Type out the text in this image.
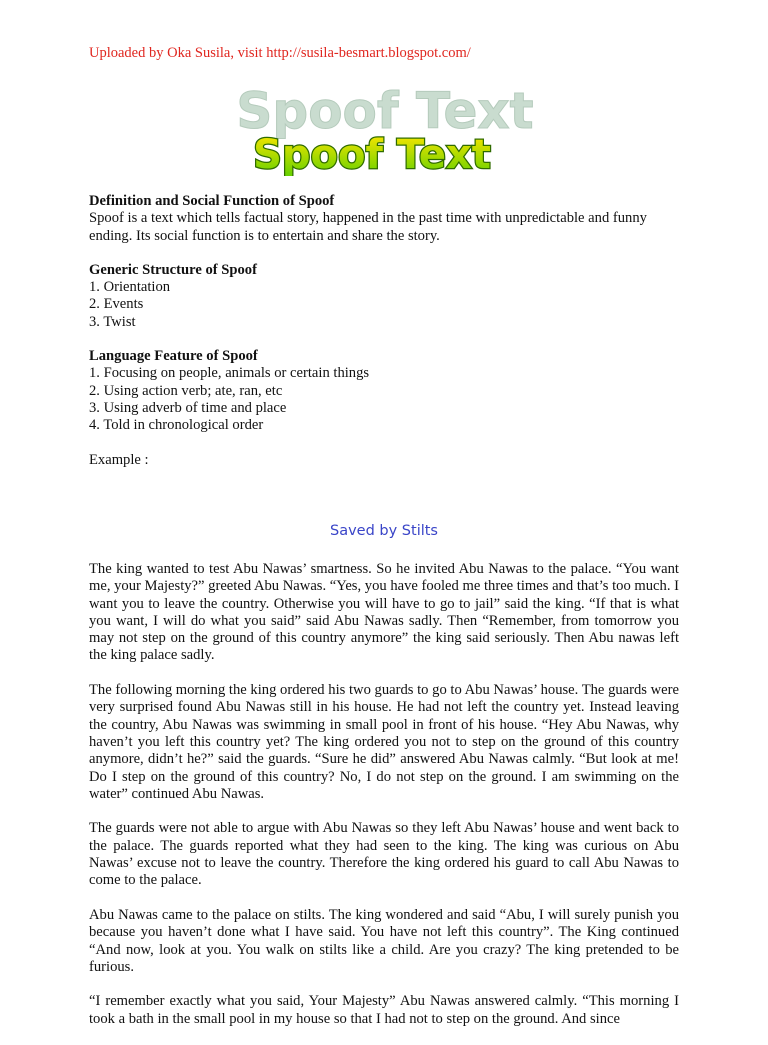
Uploaded by Oka Susila, visit http://susila-besmart.blogspot.com/
Spoof Text
Spoof Text

Definition and Social Function of Spoof

Spoof is a text which tells factual story, happened in the past time with unpredictable and funny ending. Its social function is to entertain and share the story.

Generic Structure of Spoof

1. Orientation

2. Events

3. Twist

Language Feature of Spoof

1. Focusing on people, animals or certain things

2. Using action verb; ate, ran, etc

3. Using adverb of time and place

4. Told in chronological order

Example :

Saved by Stilts

The king wanted to test Abu Nawas’ smartness. So he invited Abu Nawas to the palace. “You want me, your Majesty?” greeted Abu Nawas. “Yes, you have fooled me three times and that’s too much. I want you to leave the country. Otherwise you will have to go to jail” said the king. “If that is what you want, I will do what you said” said Abu Nawas sadly. Then “Remember, from tomorrow you may not step on the ground of this country anymore” the king said seriously. Then Abu nawas left the king palace sadly.

The following morning the king ordered his two guards to go to Abu Nawas’ house. The guards were very surprised found Abu Nawas still in his house. He had not left the country yet. Instead leaving the country, Abu Nawas was swimming in small pool in front of his house. “Hey Abu Nawas, why haven’t you left this country yet? The king ordered you not to step on the ground of this country anymore, didn’t he?” said the guards. “Sure he did” answered Abu Nawas calmly. “But look at me! Do I step on the ground of this country? No, I do not step on the ground. I am swimming on the water” continued Abu Nawas.

The guards were not able to argue with Abu Nawas so they left Abu Nawas’ house and went back to the palace. The guards reported what they had seen to the king. The king was curious on Abu Nawas’ excuse not to leave the country. Therefore the king ordered his guard to call Abu Nawas to come to the palace.

Abu Nawas came to the palace on stilts. The king wondered and said “Abu, I will surely punish you because you haven’t done what I have said. You have not left this country”. The King continued “And now, look at you. You walk on stilts like a child. Are you crazy? The king pretended to be furious.

“I remember exactly what you said, Your Majesty” Abu Nawas answered calmly. “This morning I took a bath in the small pool in my house so that I had not to step on the ground. And since
